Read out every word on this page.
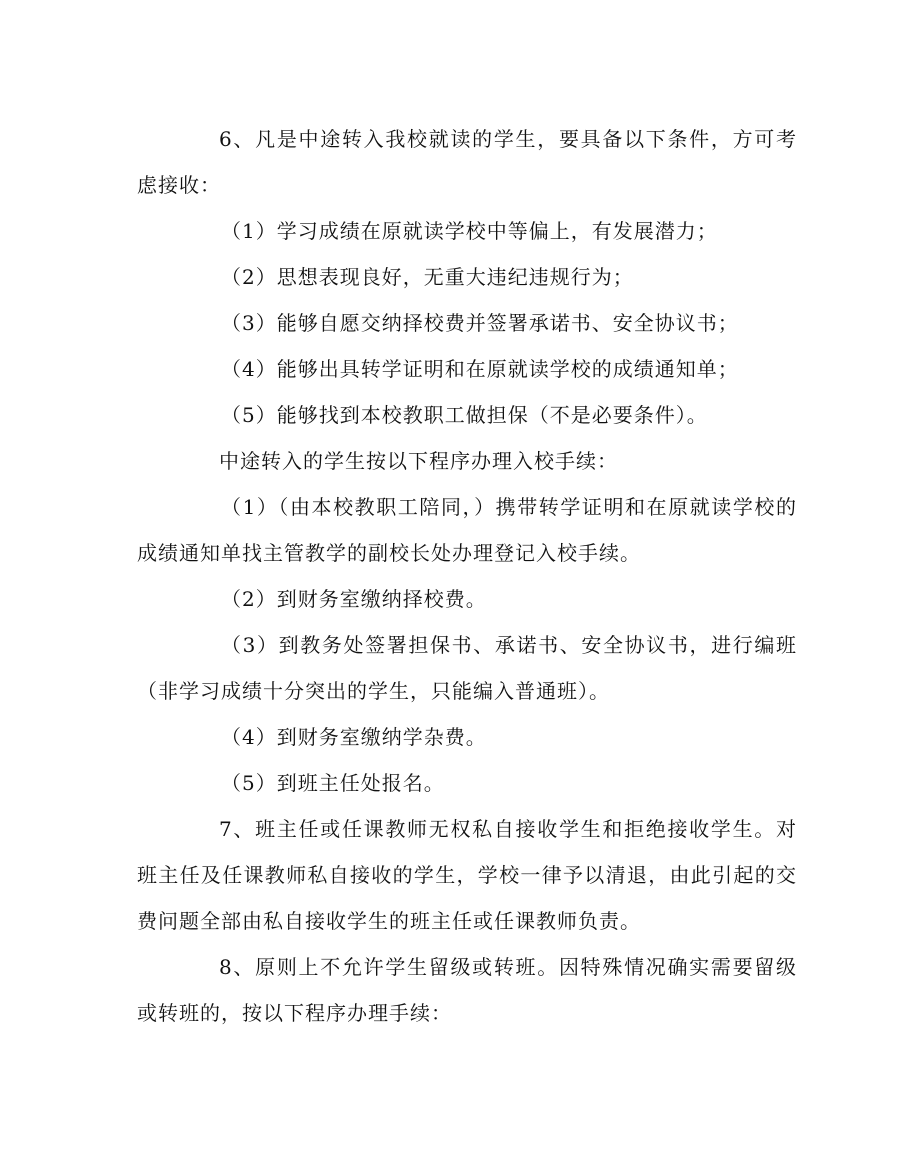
6、凡是中途转入我校就读的学生，要具备以下条件，方可考虑接收：

（1）学习成绩在原就读学校中等偏上，有发展潜力；

（2）思想表现良好，无重大违纪违规行为；

（3）能够自愿交纳择校费并签署承诺书、安全协议书；

（4）能够出具转学证明和在原就读学校的成绩通知单；

（5）能够找到本校教职工做担保（不是必要条件）。

中途转入的学生按以下程序办理入校手续：

（1）（由本校教职工陪同，）携带转学证明和在原就读学校的成绩通知单找主管教学的副校长处办理登记入校手续。

（2）到财务室缴纳择校费。

（3）到教务处签署担保书、承诺书、安全协议书，进行编班（非学习成绩十分突出的学生，只能编入普通班）。

（4）到财务室缴纳学杂费。

（5）到班主任处报名。

7、班主任或任课教师无权私自接收学生和拒绝接收学生。对班主任及任课教师私自接收的学生，学校一律予以清退，由此引起的交费问题全部由私自接收学生的班主任或任课教师负责。

8、原则上不允许学生留级或转班。因特殊情况确实需要留级或转班的，按以下程序办理手续：
